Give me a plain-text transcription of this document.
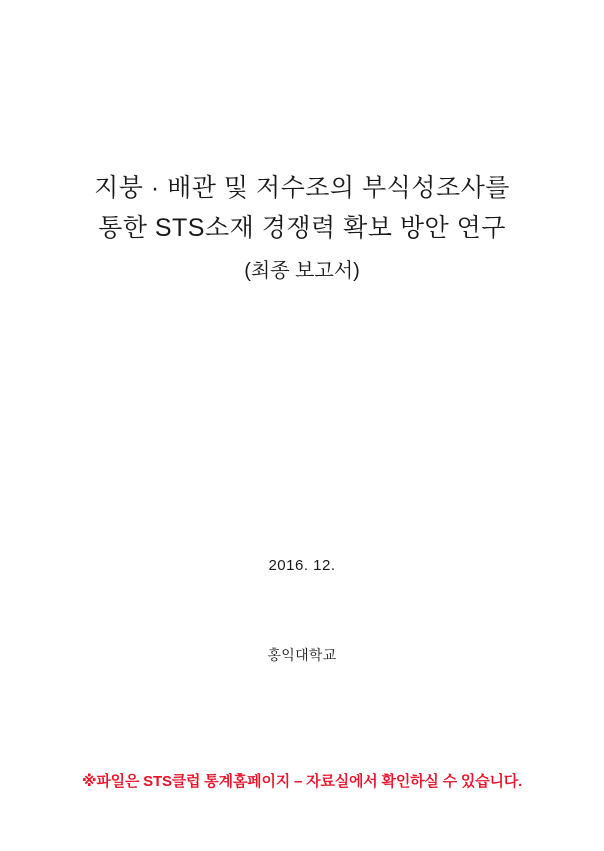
지붕 · 배관 및 저수조의 부식성조사를
통한 STS소재 경쟁력 확보 방안 연구
(최종 보고서)
2016. 12.
홍익대학교
※파일은 STS클럽 통계홈페이지 – 자료실에서 확인하실 수 있습니다.
